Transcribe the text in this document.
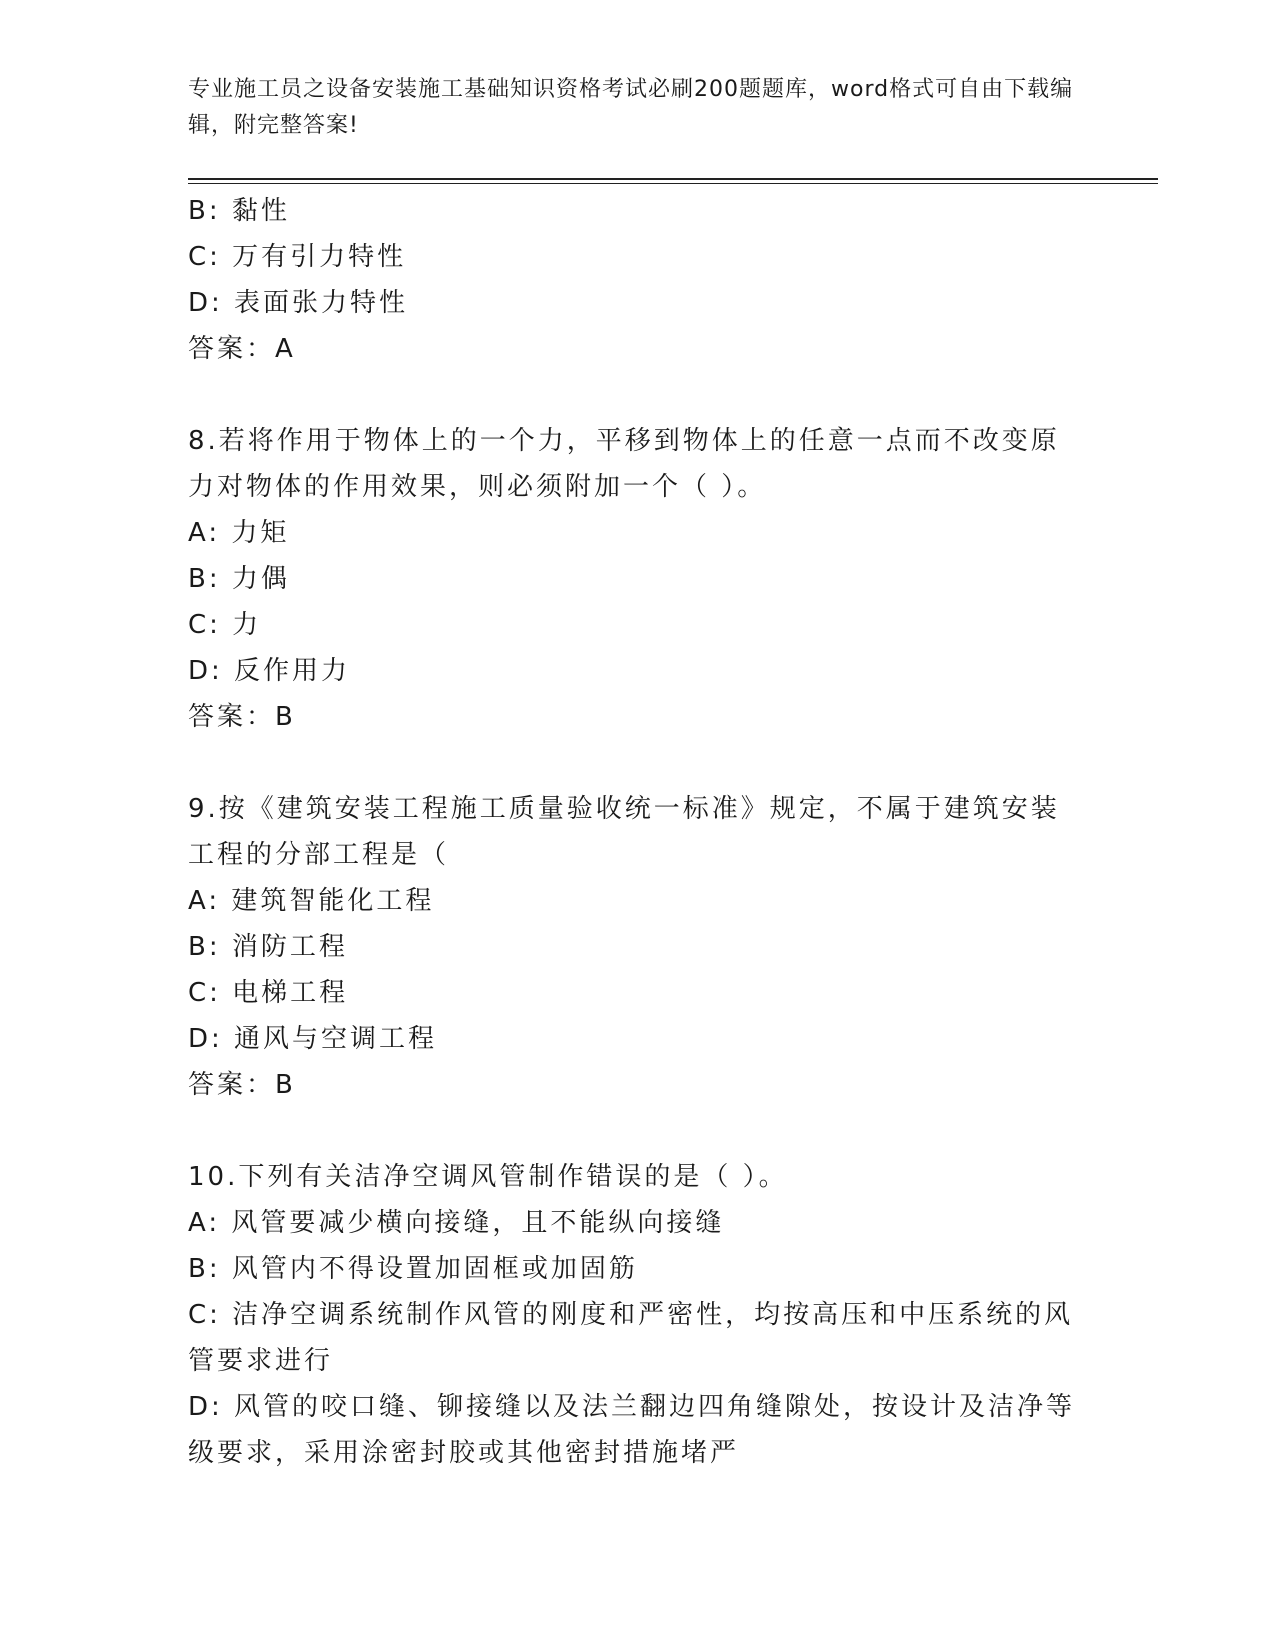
专业施工员之设备安装施工基础知识资格考试必刷200题题库，word格式可自由下载编辑，附完整答案!
B: 黏性
C: 万有引力特性
D: 表面张力特性
答案：A
8.若将作用于物体上的一个力，平移到物体上的任意一点而不改变原
力对物体的作用效果，则必须附加一个（ ）。
A: 力矩
B: 力偶
C: 力
D: 反作用力
答案：B
9.按《建筑安装工程施工质量验收统一标准》规定，不属于建筑安装
工程的分部工程是（
A: 建筑智能化工程
B: 消防工程
C: 电梯工程
D: 通风与空调工程
答案：B
10.下列有关洁净空调风管制作错误的是（ ）。
A: 风管要减少横向接缝，且不能纵向接缝
B: 风管内不得设置加固框或加固筋
C: 洁净空调系统制作风管的刚度和严密性，均按高压和中压系统的风
管要求进行
D: 风管的咬口缝、铆接缝以及法兰翻边四角缝隙处，按设计及洁净等
级要求，采用涂密封胶或其他密封措施堵严
